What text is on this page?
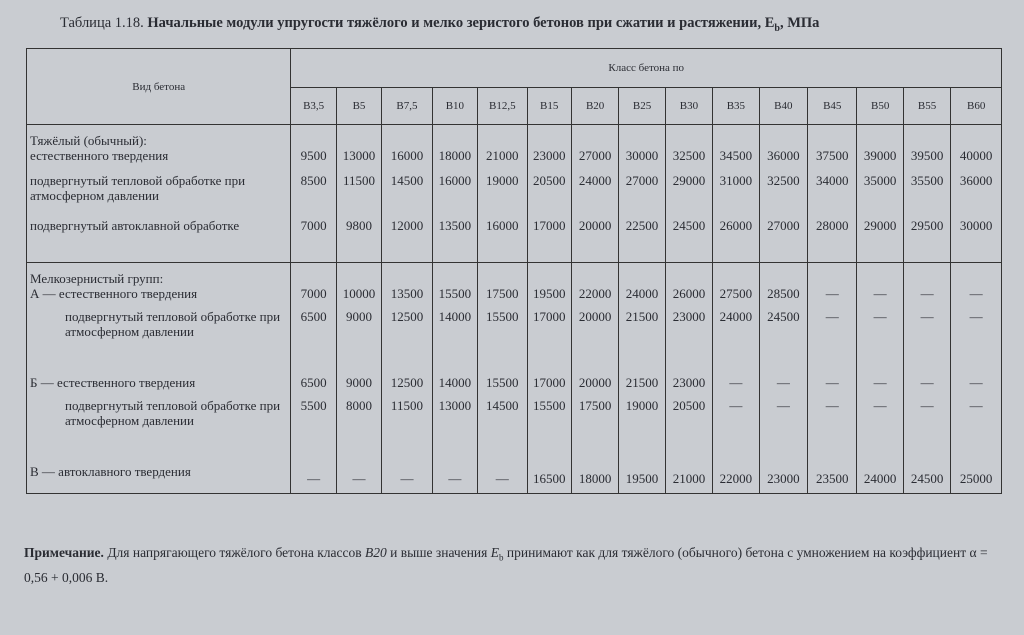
Таблица 1.18. Начальные модули упругости тяжёлого и мелко зеристого бетонов при сжатии и растяжении, $E_b$, МПа
Вид бетона	Класс бетона по														
	B3,5	B5	B7,5	B10	B12,5	B15	B20	B25	B30	B35	B40	B45	B50	B55	B60
Тяжёлый (обычный):															
естественного твердения	9500	13000	16000	18000	21000	23000	27000	30000	32500	34500	36000	37500	39000	39500	40000
подвергнутый тепловой обработке при атмосферном давлении	8500	11500	14500	16000	19000	20500	24000	27000	29000	31000	32500	34000	35000	35500	36000
подвергнутый автоклавной обработке	7000	9800	12000	13500	16000	17000	20000	22500	24500	26000	27000	28000	29000	29500	30000
Мелкозернистый групп:															
А — естественного твердения	7000	10000	13500	15500	17500	19500	22000	24000	26000	27500	28500	—	—	—	—
подвергнутый тепловой обработке при атмосферном давлении	6500	9000	12500	14000	15500	17000	20000	21500	23000	24000	24500	—	—	—	—
Б — естественного твердения	6500	9000	12500	14000	15500	17000	20000	21500	23000	—	—	—	—	—	—
подвергнутый тепловой обработке при атмосферном давлении	5500	8000	11500	13000	14500	15500	17500	19000	20500	—	—	—	—	—	—
В — автоклавного твердения	—	—	—	—	—	16500	18000	19500	21000	22000	23000	23500	24000	24500	25000
Примечание. Для напрягающего тяжёлого бетона классов B20 и выше значения $E_b$ принимают как для тяжёлого (обычного) бетона с умножением на коэффициент α = 0,56 + 0,006 B.
